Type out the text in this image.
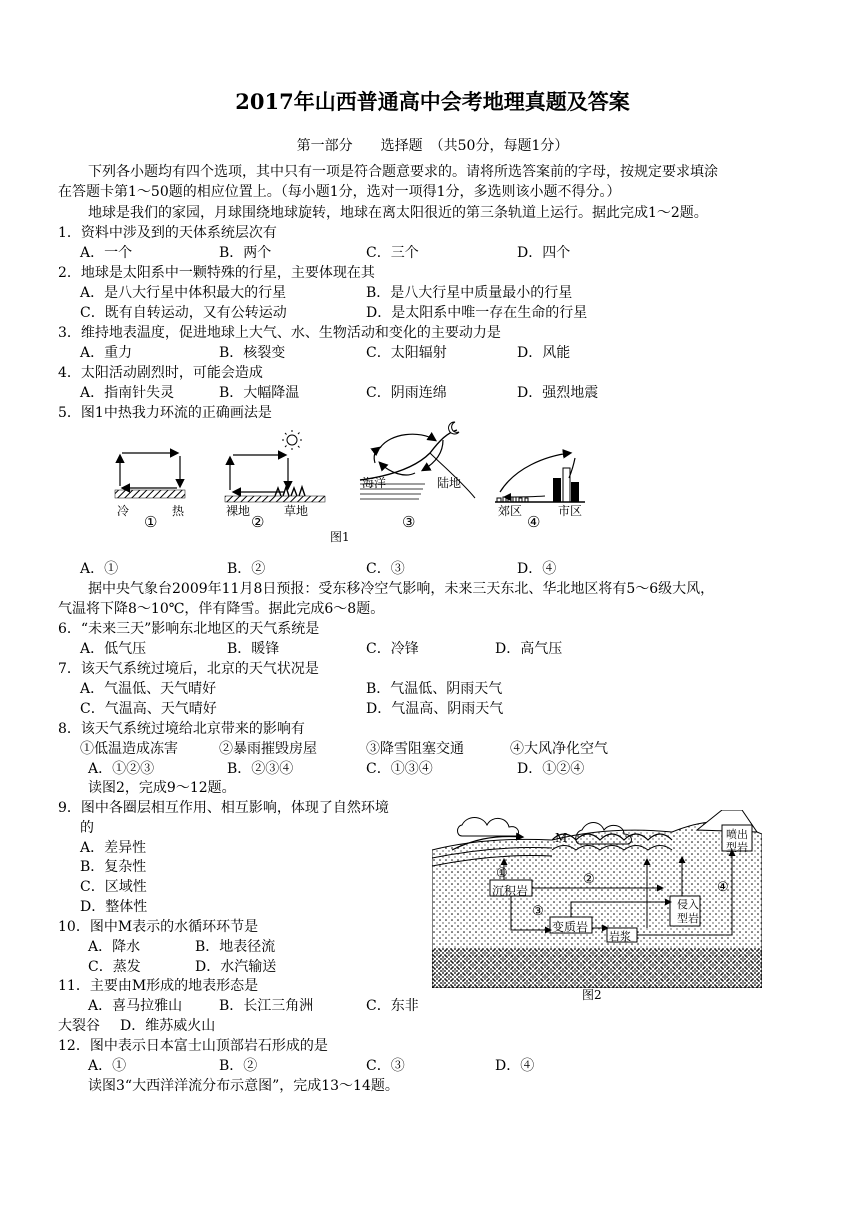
2017年山西普通高中会考地理真题及答案
第一部分　　选择题　（共50分，每题1分）
下列各小题均有四个选项，其中只有一项是符合题意要求的。请将所选答案前的字母，按规定要求填涂
在答题卡第1～50题的相应位置上。（每小题1分，选对一项得1分，多选则该小题不得分。）
地球是我们的家园，月球围绕地球旋转，地球在离太阳很近的第三条轨道上运行。据此完成1～2题。
1．资料中涉及到的天体系统层次有
A．一个	B．两个	C．三个	D．四个
2．地球是太阳系中一颗特殊的行星，主要体现在其
A．是八大行星中体积最大的行星	B．是八大行星中质量最小的行星
C．既有自转运动，又有公转运动	D．是太阳系中唯一存在生命的行星
3．维持地表温度，促进地球上大气、水、生物活动和变化的主要动力是
A．重力	B．核裂变	C．太阳辐射	D．风能
4．太阳活动剧烈时，可能会造成
A．指南针失灵	B．大幅降温	C．阴雨连绵	D．强烈地震
5．图1中热我力环流的正确画法是
冷	热	裸地	草地
海洋	陆地
郊区	市区
①	②	③	④
图1
A．①	B．②	C．③	D．④
据中央气象台2009年11月8日预报：受东移冷空气影响，未来三天东北、华北地区将有5～6级大风，
气温将下降8～10℃，伴有降雪。据此完成6～8题。
6．“未来三天”影响东北地区的天气系统是
A．低气压	B．暖锋	C．冷锋	D．高气压
7．该天气系统过境后，北京的天气状况是
A．气温低、天气晴好	B．气温低、阴雨天气
C．气温高、天气晴好	D．气温高、阴雨天气
8．该天气系统过境给北京带来的影响有
①低温造成冻害	②暴雨摧毁房屋	③降雪阻塞交通	④大风净化空气
A．①②③	B．②③④	C．①③④	D．①②④
读图2，完成9～12题。
9．图中各圈层相互作用、相互影响，体现了自然环境
的
A．差异性
B．复杂性
C．区域性
D．整体性
10．图中M表示的水循环环节是
A．降水	B．地表径流
C．蒸发	D．水汽输送
11．主要由M形成的地表形态是
A．喜马拉雅山	B．长江三角洲	C．东非
大裂谷 D．维苏威火山
12．图中表示日本富士山顶部岩石形成的是
A．①	B．②	C．③	D．④
读图3“大西洋洋流分布示意图”，完成13～14题。
M
沉积岩
变质岩
岩浆
侵入
型岩
喷出
型岩
①	②
③
④
图2
